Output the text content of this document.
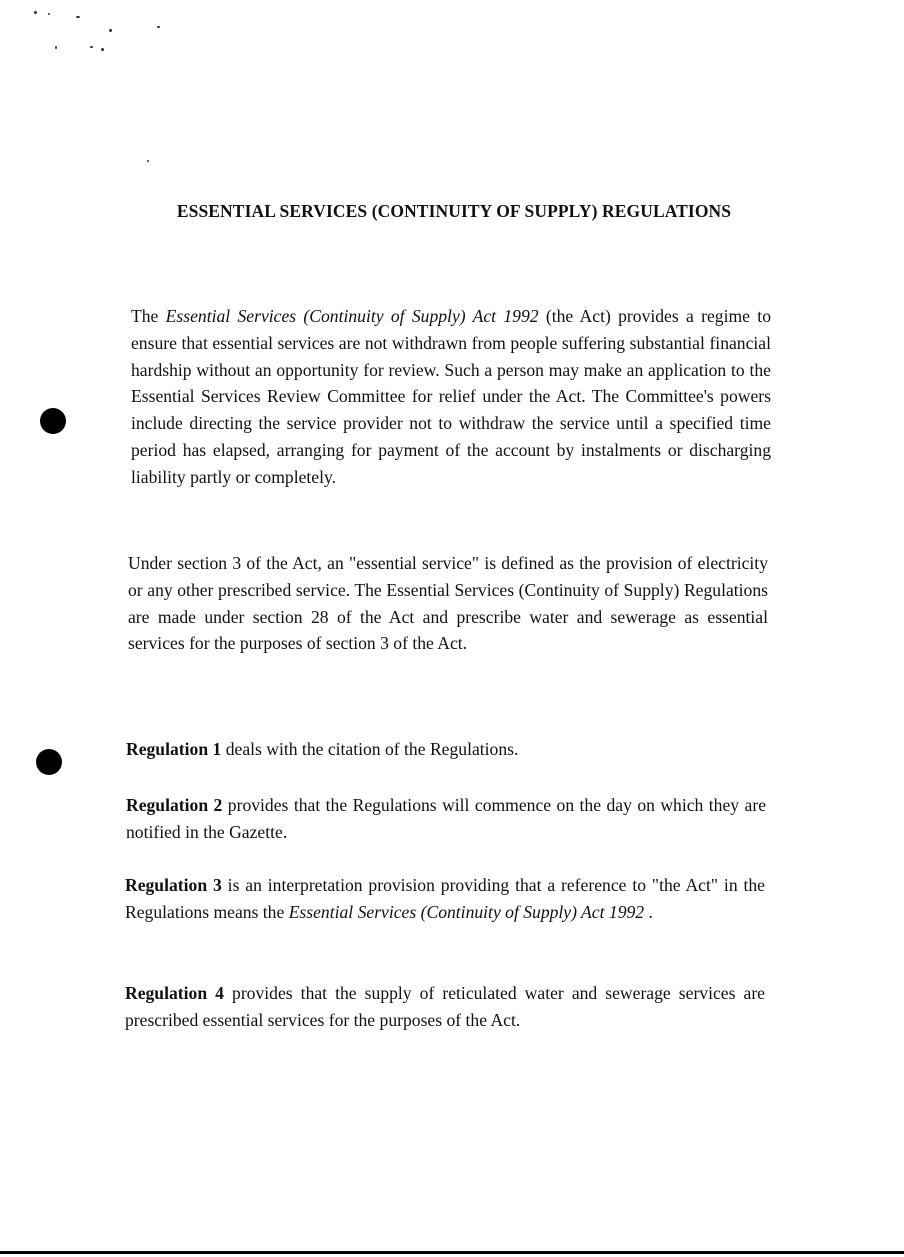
ESSENTIAL SERVICES (CONTINUITY OF SUPPLY) REGULATIONS

The Essential Services (Continuity of Supply) Act 1992 (the Act) provides a regime to ensure that essential services are not withdrawn from people suffering substantial financial hardship without an opportunity for review. Such a person may make an application to the Essential Services Review Committee for relief under the Act. The Committee's powers include directing the service provider not to withdraw the service until a specified time period has elapsed, arranging for payment of the account by instalments or discharging liability partly or completely.

Under section 3 of the Act, an "essential service" is defined as the provision of electricity or any other prescribed service. The Essential Services (Continuity of Supply) Regulations are made under section 28 of the Act and prescribe water and sewerage as essential services for the purposes of section 3 of the Act.

Regulation 1 deals with the citation of the Regulations.

Regulation 2 provides that the Regulations will commence on the day on which they are notified in the Gazette.

Regulation 3 is an interpretation provision providing that a reference to "the Act" in the Regulations means the Essential Services (Continuity of Supply) Act 1992 .

Regulation 4 provides that the supply of reticulated water and sewerage services are prescribed essential services for the purposes of the Act.
